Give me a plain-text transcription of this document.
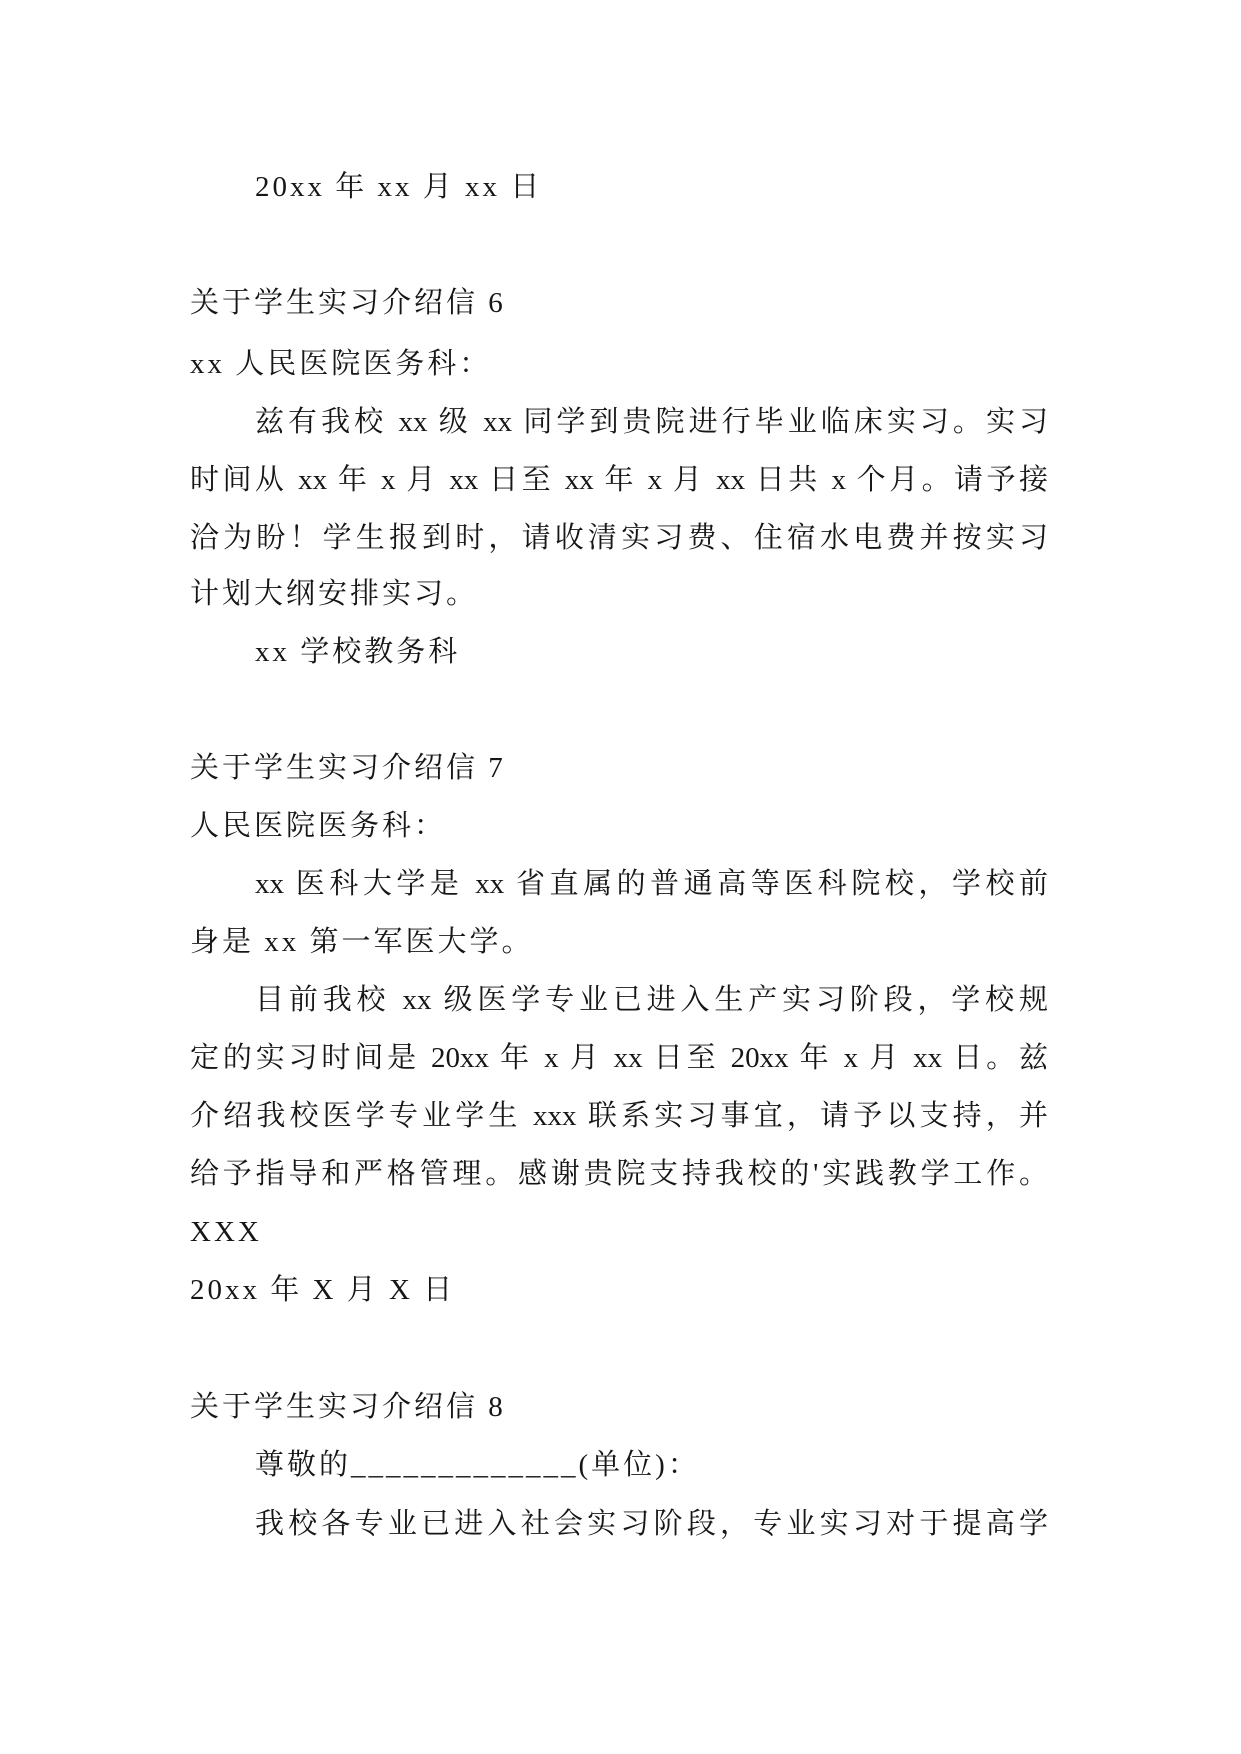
20xx 年 xx 月 xx 日
关于学生实习介绍信 6
xx 人民医院医务科：
兹有我校 xx 级 xx 同学到贵院进行毕业临床实习。实习
时间从 xx 年 x 月 xx 日至 xx 年 x 月 xx 日共 x 个月。请予接
洽为盼！学生报到时，请收清实习费、住宿水电费并按实习
计划大纲安排实习。
xx 学校教务科
关于学生实习介绍信 7
人民医院医务科：
xx 医科大学是 xx 省直属的普通高等医科院校，学校前
身是 xx 第一军医大学。
目前我校 xx 级医学专业已进入生产实习阶段，学校规
定的实习时间是 20xx 年 x 月 xx 日至 20xx 年 x 月 xx 日。兹
介绍我校医学专业学生 xxx 联系实习事宜，请予以支持，并
给予指导和严格管理。感谢贵院支持我校的'实践教学工作。
XXX
20xx 年 X 月 X 日
关于学生实习介绍信 8
尊敬的_____________(单位)：
我校各专业已进入社会实习阶段，专业实习对于提高学
